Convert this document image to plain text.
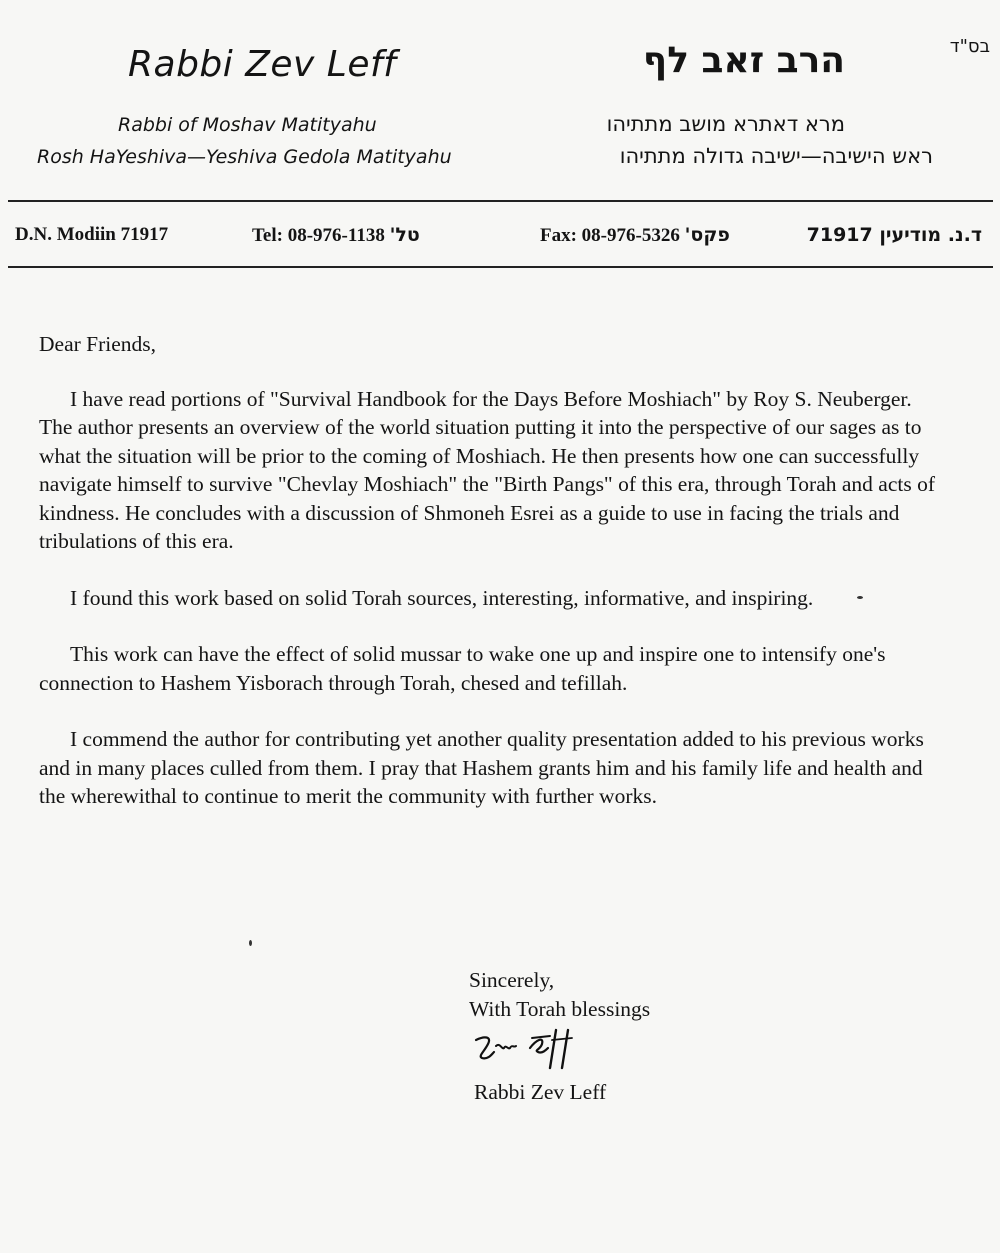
בס"ד
Rabbi Zev Leff	הרב זאב לף
Rabbi of Moshav Matityahu
Rosh HaYeshiva—Yeshiva Gedola Matityahu
מרא דאתרא מושב מתתיהו
ראש הישיבה—ישיבה גדולה מתתיהו
D.N. Modiin 71917	Tel: 08-976-1138 טל'	Fax: 08-976-5326 פקס'	ד.נ. מודיעין 71917

Dear Friends,

I have read portions of "Survival Handbook for the Days Before Moshiach" by Roy S. Neuberger. The author presents an overview of the world situation putting it into the perspective of our sages as to what the situation will be prior to the coming of Moshiach. He then presents how one can successfully navigate himself to survive "Chevlay Moshiach" the "Birth Pangs" of this era, through Torah and acts of kindness. He concludes with a discussion of Shmoneh Esrei as a guide to use in facing the trials and tribulations of this era.

I found this work based on solid Torah sources, interesting, informative, and inspiring.

This work can have the effect of solid mussar to wake one up and inspire one to intensify one's connection to Hashem Yisborach through Torah, chesed and tefillah.

I commend the author for contributing yet another quality presentation added to his previous works and in many places culled from them. I pray that Hashem grants him and his family life and health and the wherewithal to continue to merit the community with further works.

Sincerely,
With Torah blessings
Rabbi Zev Leff
